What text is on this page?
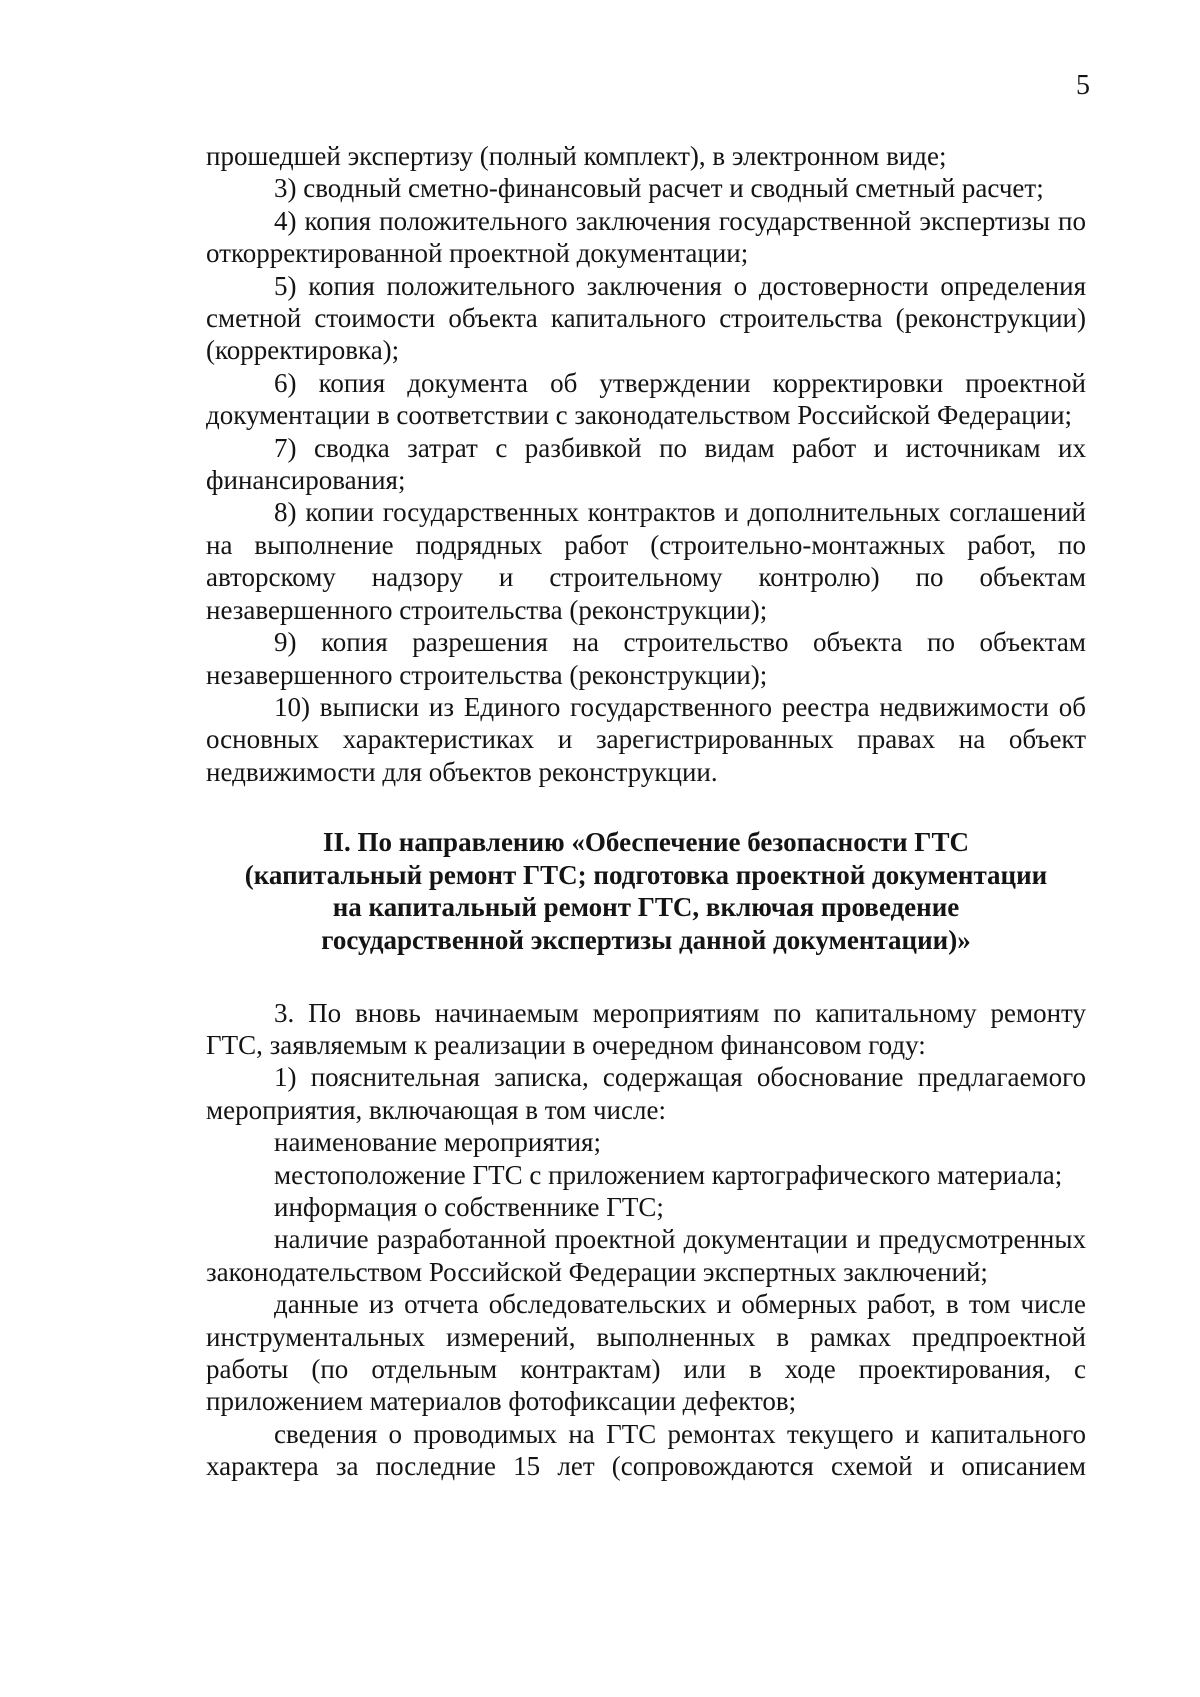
5

прошедшей экспертизу (полный комплект), в электронном виде;

3) сводный сметно-финансовый расчет и сводный сметный расчет;

4) копия положительного заключения государственной экспертизы по откорректированной проектной документации;

5) копия положительного заключения о достоверности определения сметной стоимости объекта капитального строительства (реконструкции) (корректировка);

6) копия документа об утверждении корректировки проектной документации в соответствии с законодательством Российской Федерации;

7) сводка затрат с разбивкой по видам работ и источникам их финансирования;

8) копии государственных контрактов и дополнительных соглашений на выполнение подрядных работ (строительно-монтажных работ, по авторскому надзору и строительному контролю) по объектам незавершенного строительства (реконструкции);

9) копия разрешения на строительство объекта по объектам незавершенного строительства (реконструкции);

10) выписки из Единого государственного реестра недвижимости об основных характеристиках и зарегистрированных правах на объект недвижимости для объектов реконструкции.

II. По направлению «Обеспечение безопасности ГТС
(капитальный ремонт ГТС; подготовка проектной документации
на капитальный ремонт ГТС, включая проведение
государственной экспертизы данной документации)»

3. По вновь начинаемым мероприятиям по капитальному ремонту ГТС, заявляемым к реализации в очередном финансовом году:

1) пояснительная записка, содержащая обоснование предлагаемого мероприятия, включающая в том числе:

наименование мероприятия;

местоположение ГТС с приложением картографического материала;

информация о собственнике ГТС;

наличие разработанной проектной документации и предусмотренных законодательством Российской Федерации экспертных заключений;

данные из отчета обследовательских и обмерных работ, в том числе инструментальных измерений, выполненных в рамках предпроектной работы (по отдельным контрактам) или в ходе проектирования, с приложением материалов фотофиксации дефектов;

сведения о проводимых на ГТС ремонтах текущего и капитального характера за последние 15 лет (сопровождаются схемой и описанием
